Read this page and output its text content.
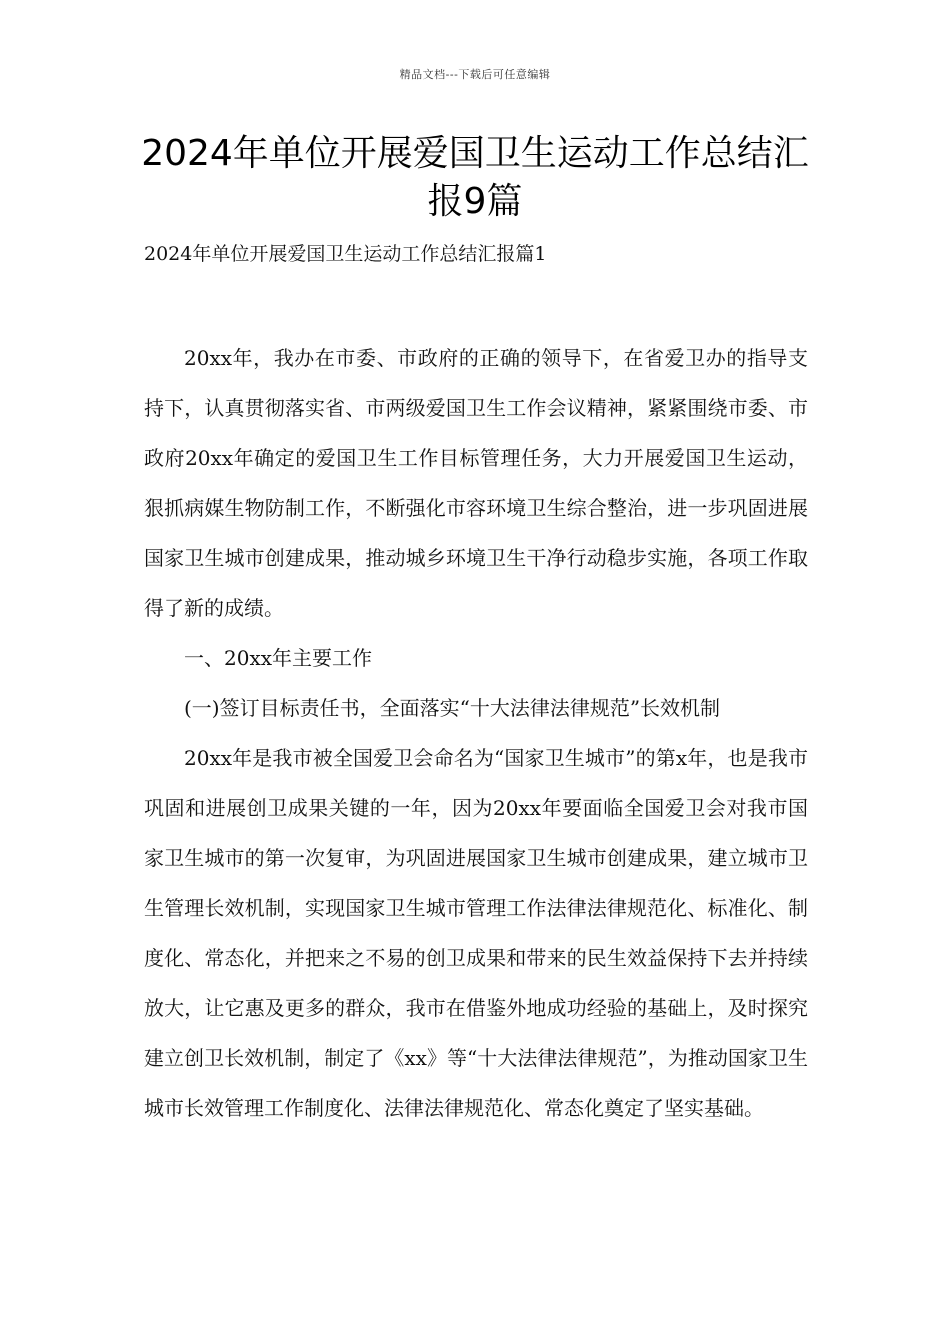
精品文档---下载后可任意编辑
2024年单位开展爱国卫生运动工作总结汇报9篇
2024年单位开展爱国卫生运动工作总结汇报篇1

20xx年，我办在市委、市政府的正确的领导下，在省爱卫办的指导支持下，认真贯彻落实省、市两级爱国卫生工作会议精神，紧紧围绕市委、市政府20xx年确定的爱国卫生工作目标管理任务，大力开展爱国卫生运动，狠抓病媒生物防制工作，不断强化市容环境卫生综合整治，进一步巩固进展国家卫生城市创建成果，推动城乡环境卫生干净行动稳步实施，各项工作取得了新的成绩。

一、20xx年主要工作

(一)签订目标责任书，全面落实“十大法律法律规范”长效机制

20xx年是我市被全国爱卫会命名为“国家卫生城市”的第x年，也是我市巩固和进展创卫成果关键的一年，因为20xx年要面临全国爱卫会对我市国家卫生城市的第一次复审，为巩固进展国家卫生城市创建成果，建立城市卫生管理长效机制，实现国家卫生城市管理工作法律法律规范化、标准化、制度化、常态化，并把来之不易的创卫成果和带来的民生效益保持下去并持续放大，让它惠及更多的群众，我市在借鉴外地成功经验的基础上，及时探究建立创卫长效机制，制定了《xx》等“十大法律法律规范”，为推动国家卫生城市长效管理工作制度化、法律法律规范化、常态化奠定了坚实基础。
